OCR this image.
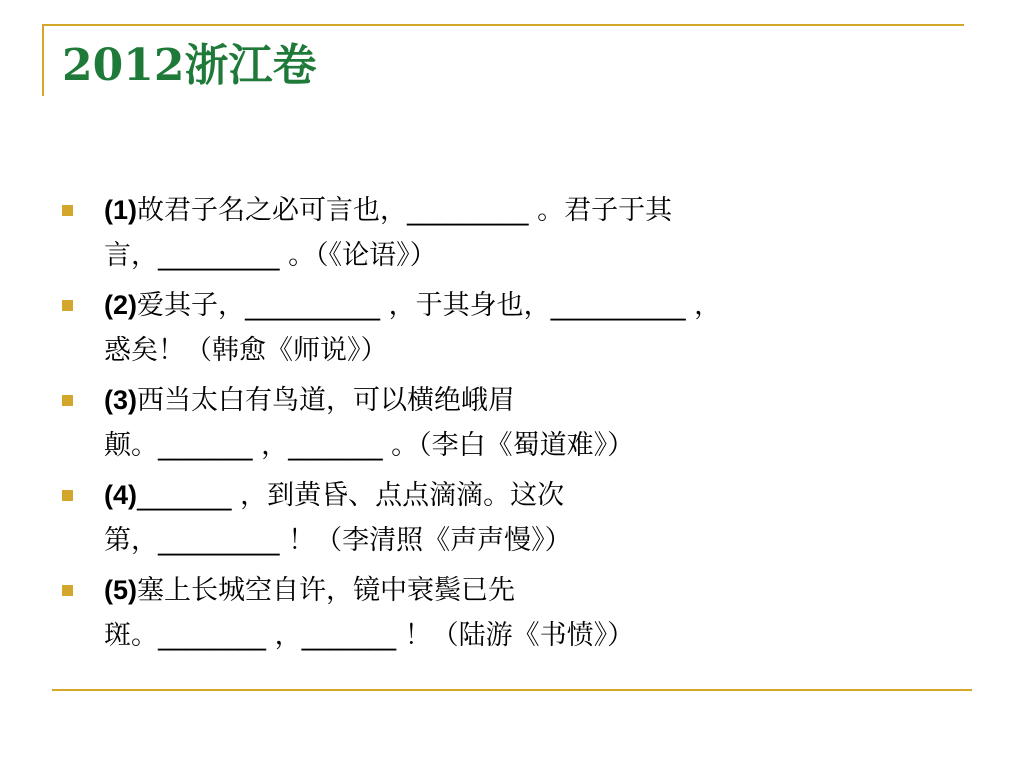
2012浙江卷
(1)故君子名之必可言也，_________ 。君子于其
言，_________ 。（《论语》）
(2)爱其子，__________ ，于其身也，__________ ，
惑矣！（韩愈《师说》）
(3)西当太白有鸟道，可以横绝峨眉
颠。_______ ，_______ 。（李白《蜀道难》）
(4)_______ ，到黄昏、点点滴滴。这次
第，_________ ！（李清照《声声慢》）
(5)塞上长城空自许，镜中衰鬓已先
斑。________ ，_______ ！（陆游《书愤》）
